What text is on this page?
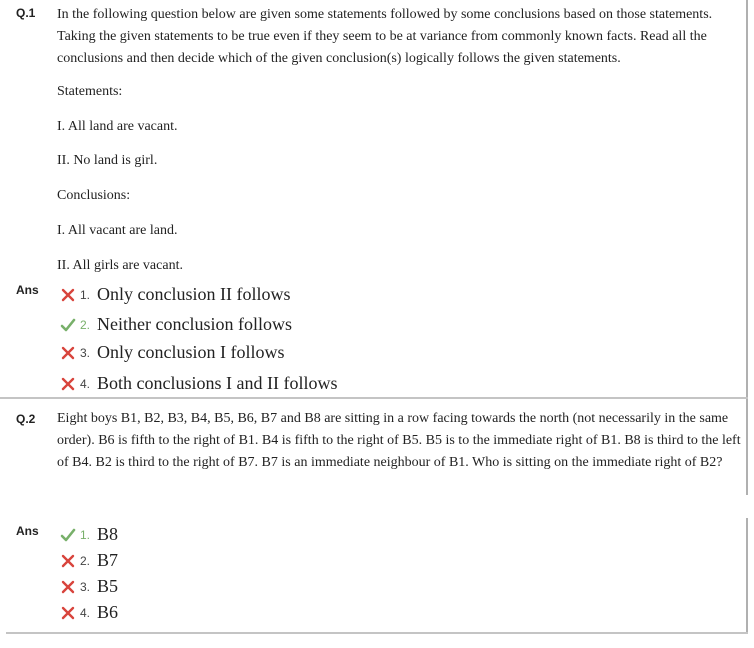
Q.1 In the following question below are given some statements followed by some conclusions based on those statements. Taking the given statements to be true even if they seem to be at variance from commonly known facts. Read all the conclusions and then decide which of the given conclusion(s) logically follows the given statements.
Statements:
I. All land are vacant.
II. No land is girl.
Conclusions:
I. All vacant are land.
II. All girls are vacant.
Ans	1. Only conclusion II follows
2. Neither conclusion follows
3. Only conclusion I follows
4. Both conclusions I and II follows
Q.2 Eight boys B1, B2, B3, B4, B5, B6, B7 and B8 are sitting in a row facing towards the north (not necessarily in the same order). B6 is fifth to the right of B1. B4 is fifth to the right of B5. B5 is to the immediate right of B1. B8 is third to the left of B4. B2 is third to the right of B7. B7 is an immediate neighbour of B1. Who is sitting on the immediate right of B2?
Ans	1. B8
2. B7
3. B5
4. B6
